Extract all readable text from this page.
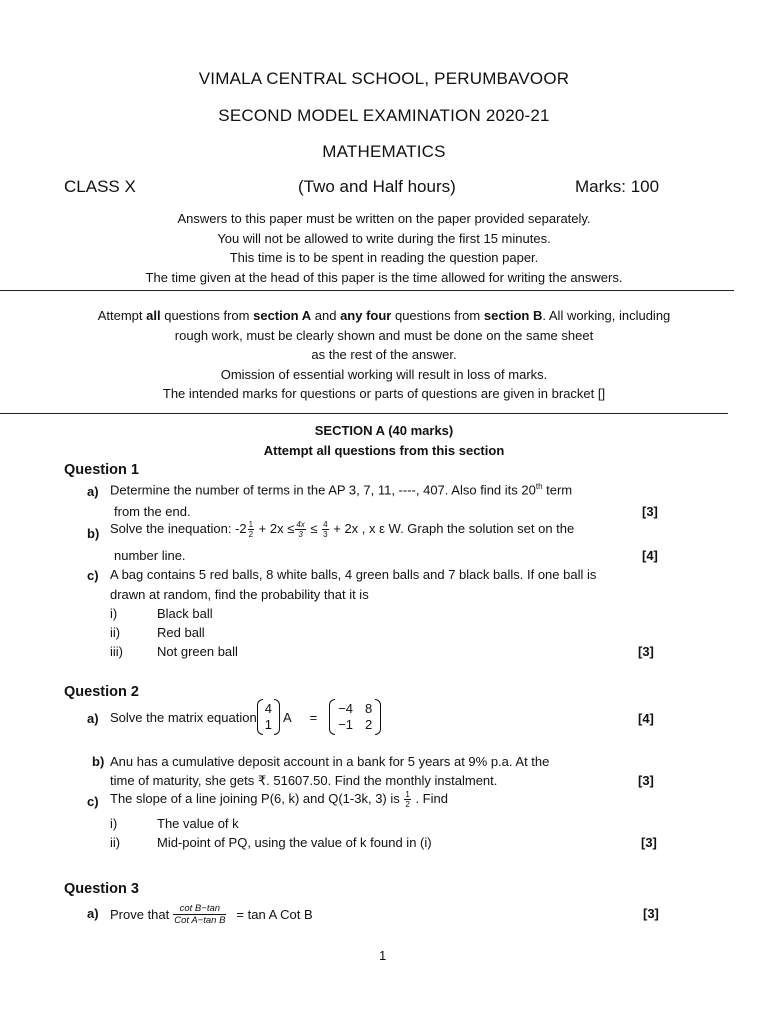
VIMALA CENTRAL SCHOOL, PERUMBAVOOR
SECOND MODEL EXAMINATION 2020-21
MATHEMATICS
CLASS X	(Two and Half hours)	Marks: 100
Answers to this paper must be written on the paper provided separately.
You will not be allowed to write during the first 15 minutes.
This time is to be spent in reading the question paper.
The time given at the head of this paper is the time allowed for writing the answers.
Attempt all questions from section A and any four questions from section B. All working, including
rough work, must be clearly shown and must be done on the same sheet
as the rest of the answer.
Omission of essential working will result in loss of marks.
The intended marks for questions or parts of questions are given in bracket []
SECTION A (40 marks)
Attempt all questions from this section
Question 1
a) Determine the number of terms in the AP 3, 7, 11, ----, 407. Also find its 20th term
from the end.	[3]
b) Solve the inequation: $-2 \frac{1}{2} + 2x \le \frac{4x}{3} \le \frac{4}{3} + 2x$ , x ε W. Graph the solution set on the
number line.	[4]
c) A bag contains 5 red balls, 8 white balls, 4 green balls and 7 black balls. If one ball is
drawn at random, find the probability that it is
i)	Black ball
ii)	Red ball
iii)	Not green ball	[3]
Question 2
a) Solve the matrix equation
4
1 A =
−4 8
−1 2	[4]
b) Anu has a cumulative deposit account in a bank for 5 years at 9% p.a. At the
time of maturity, she gets ₹. 51607.50. Find the monthly instalment.	[3]
c) The slope of a line joining P(6, k) and Q(1-3k, 3) is $\frac{1}{2}$ . Find
i)	The value of k
ii)	Mid-point of PQ, using the value of k found in (i)	[3]
Question 3
a) Prove that $\frac{\text{cot B−tan}}{\text{Cot A−tan B}} = \tan A$ Cot B	[3]
1
